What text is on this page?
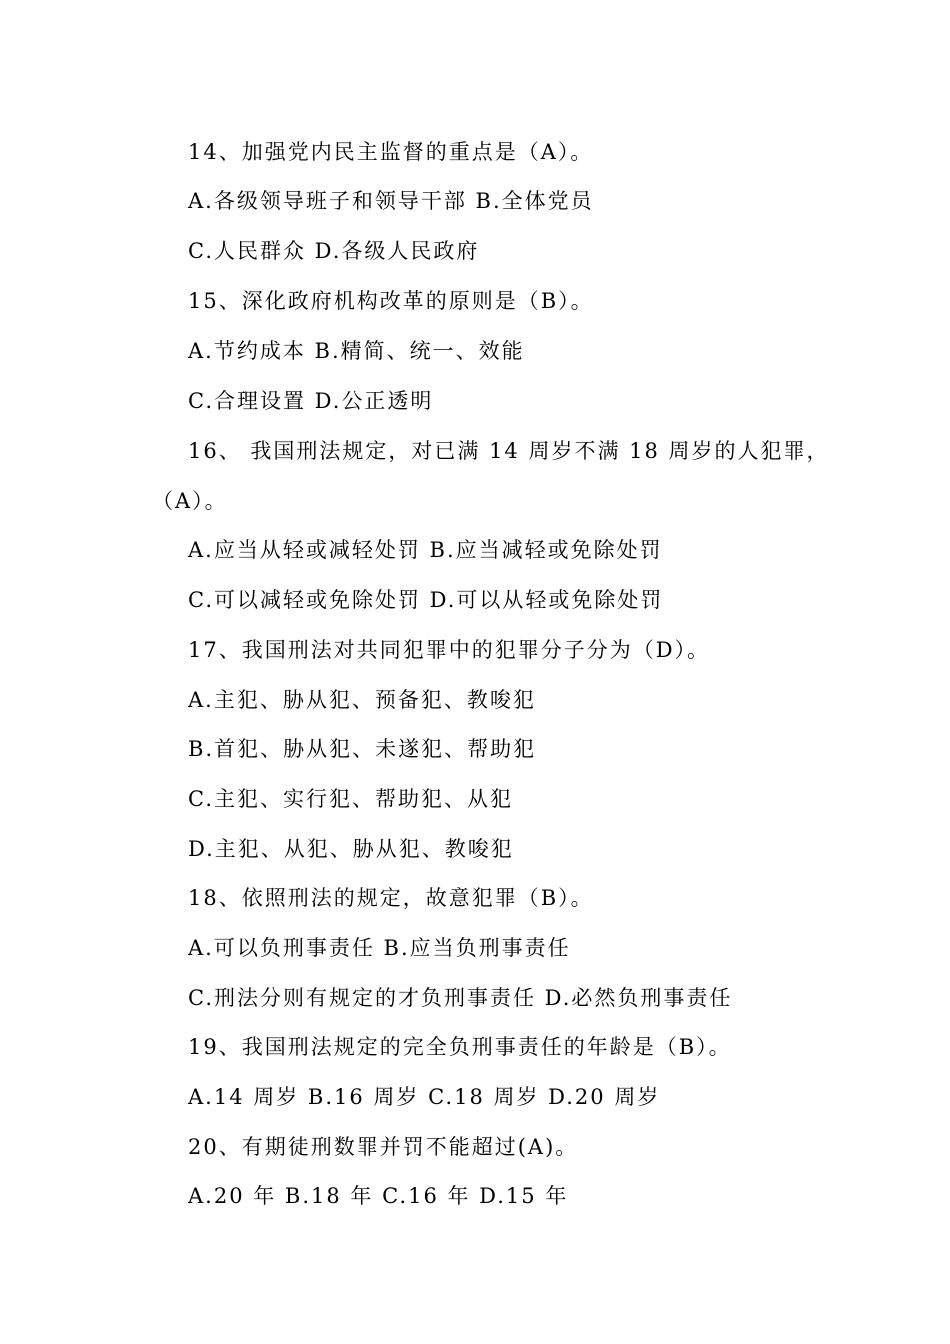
14、加强党内民主监督的重点是（A）。
A.各级领导班子和领导干部 B.全体党员
C.人民群众 D.各级人民政府
15、深化政府机构改革的原则是（B）。
A.节约成本 B.精简、统一、效能
C.合理设置 D.公正透明
16、 我国刑法规定，对已满 14 周岁不满 18 周岁的人犯罪，
（A）。
A.应当从轻或减轻处罚 B.应当减轻或免除处罚
C.可以减轻或免除处罚 D.可以从轻或免除处罚
17、我国刑法对共同犯罪中的犯罪分子分为（D）。
A.主犯、胁从犯、预备犯、教唆犯
B.首犯、胁从犯、未遂犯、帮助犯
C.主犯、实行犯、帮助犯、从犯
D.主犯、从犯、胁从犯、教唆犯
18、依照刑法的规定，故意犯罪（B）。
A.可以负刑事责任 B.应当负刑事责任
C.刑法分则有规定的才负刑事责任 D.必然负刑事责任
19、我国刑法规定的完全负刑事责任的年龄是（B）。
A.14 周岁 B.16 周岁 C.18 周岁 D.20 周岁
20、有期徒刑数罪并罚不能超过(A)。
A.20 年 B.18 年 C.16 年 D.15 年
